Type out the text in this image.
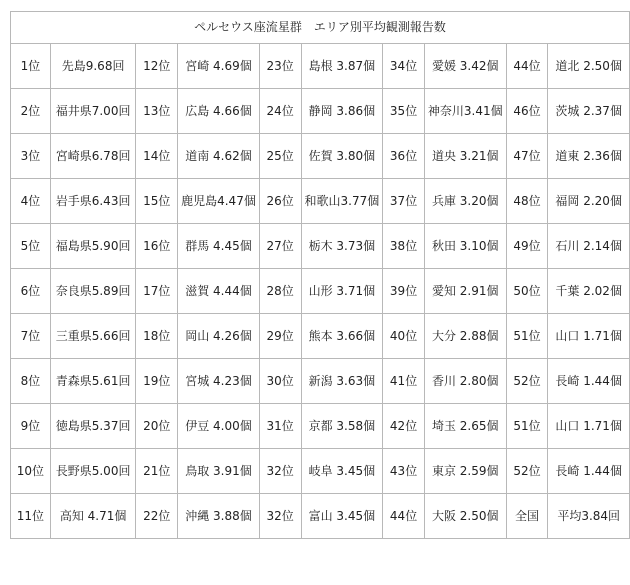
ペルセウス座流星群　エリア別平均観測報告数									
1位	先島9.68回	12位	宮崎 4.69個	23位	島根 3.87個	34位	愛媛 3.42個	44位	道北 2.50個
2位	福井県7.00回	13位	広島 4.66個	24位	静岡 3.86個	35位	神奈川3.41個	46位	茨城 2.37個
3位	宮崎県6.78回	14位	道南 4.62個	25位	佐賀 3.80個	36位	道央 3.21個	47位	道東 2.36個
4位	岩手県6.43回	15位	鹿児島4.47個	26位	和歌山3.77個	37位	兵庫 3.20個	48位	福岡 2.20個
5位	福島県5.90回	16位	群馬 4.45個	27位	栃木 3.73個	38位	秋田 3.10個	49位	石川 2.14個
6位	奈良県5.89回	17位	滋賀 4.44個	28位	山形 3.71個	39位	愛知 2.91個	50位	千葉 2.02個
7位	三重県5.66回	18位	岡山 4.26個	29位	熊本 3.66個	40位	大分 2.88個	51位	山口 1.71個
8位	青森県5.61回	19位	宮城 4.23個	30位	新潟 3.63個	41位	香川 2.80個	52位	長崎 1.44個
9位	徳島県5.37回	20位	伊豆 4.00個	31位	京都 3.58個	42位	埼玉 2.65個	51位	山口 1.71個
10位	長野県5.00回	21位	鳥取 3.91個	32位	岐阜 3.45個	43位	東京 2.59個	52位	長崎 1.44個
11位	高知 4.71個	22位	沖縄 3.88個	32位	富山 3.45個	44位	大阪 2.50個	全国	平均3.84回
